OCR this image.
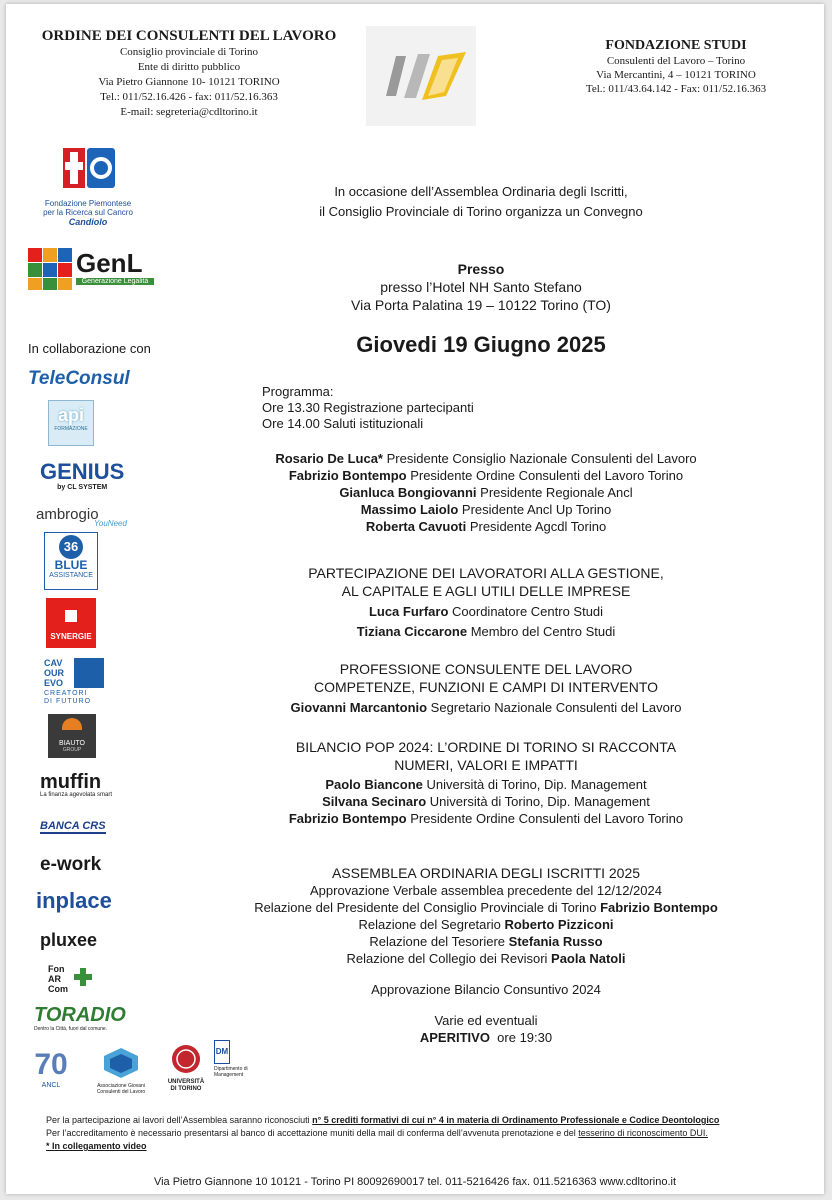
ORDINE DEI CONSULENTI DEL LAVORO
Consiglio provinciale di Torino
Ente di diritto pubblico
Via Pietro Giannone 10- 10121 TORINO
Tel.: 011/52.16.426 - fax: 011/52.16.363
E-mail: segreteria@cdltorino.it
FONDAZIONE STUDI
Consulenti del Lavoro – Torino
Via Mercantini, 4 – 10121 TORINO
Tel.: 011/43.64.142 - Fax: 011/52.16.363
Fondazione Piemontese
per la Ricerca sul Cancro
Candiolo
GenL
Generazione Legalità
In collaborazione con
TeleConsul
api
FORMAZIONE
GENIUS
by CL SYSTEM
ambrogio
YouNeed
36
BLUE
ASSISTANCE
SYNERGIE
CAV
OUR
EVO
CREATORI
DI FUTURO
BIAUTO
GROUP
muffin
La finanza agevolata smart
BANCA CRS
e-work
inplace
pluxee
Fon AR Com
TORADIO
Dentro la Città, fuori dal comune.
70
ANCL	Associazione Giovani
Consulenti del Lavoro
UNIVERSITÀ
DI TORINO
DM
Dipartimento di
Management
In occasione dell’Assemblea Ordinaria degli Iscritti,
il Consiglio Provinciale di Torino organizza un Convegno
Presso
presso l’Hotel NH Santo Stefano
Via Porta Palatina 19 – 10122 Torino (TO)
Giovedi 19 Giugno 2025
Programma:
Ore 13.30 Registrazione partecipanti
Ore 14.00 Saluti istituzionali
Rosario De Luca* Presidente Consiglio Nazionale Consulenti del Lavoro
Fabrizio Bontempo Presidente Ordine Consulenti del Lavoro Torino
Gianluca Bongiovanni Presidente Regionale Ancl
Massimo Laiolo Presidente Ancl Up Torino
Roberta Cavuoti Presidente Agcdl Torino
PARTECIPAZIONE DEI LAVORATORI ALLA GESTIONE,
AL CAPITALE E AGLI UTILI DELLE IMPRESE
Luca Furfaro Coordinatore Centro Studi
Tiziana Ciccarone Membro del Centro Studi
PROFESSIONE CONSULENTE DEL LAVORO
COMPETENZE, FUNZIONI E CAMPI DI INTERVENTO
Giovanni Marcantonio Segretario Nazionale Consulenti del Lavoro
BILANCIO POP 2024: L’ORDINE DI TORINO SI RACCONTA
NUMERI, VALORI E IMPATTI
Paolo Biancone Università di Torino, Dip. Management
Silvana Secinaro Università di Torino, Dip. Management
Fabrizio Bontempo Presidente Ordine Consulenti del Lavoro Torino
ASSEMBLEA ORDINARIA DEGLI ISCRITTI 2025
Approvazione Verbale assemblea precedente del 12/12/2024
Relazione del Presidente del Consiglio Provinciale di Torino Fabrizio Bontempo
Relazione del Segretario Roberto Pizziconi
Relazione del Tesoriere Stefania Russo
Relazione del Collegio dei Revisori Paola Natoli
Approvazione Bilancio Consuntivo 2024
Varie ed eventuali
APERITIVO  ore 19:30
Per la partecipazione ai lavori dell’Assemblea saranno riconosciuti n° 5 crediti formativi di cui n° 4 in materia di Ordinamento Professionale e Codice Deontologico
Per l’accreditamento è necessario presentarsi al banco di accettazione muniti della mail di conferma dell’avvenuta prenotazione e del tesserino di riconoscimento DUI.
* In collegamento video
Via Pietro Giannone 10 10121 - Torino PI 80092690017 tel. 011-5216426 fax. 011.5216363 www.cdltorino.it
